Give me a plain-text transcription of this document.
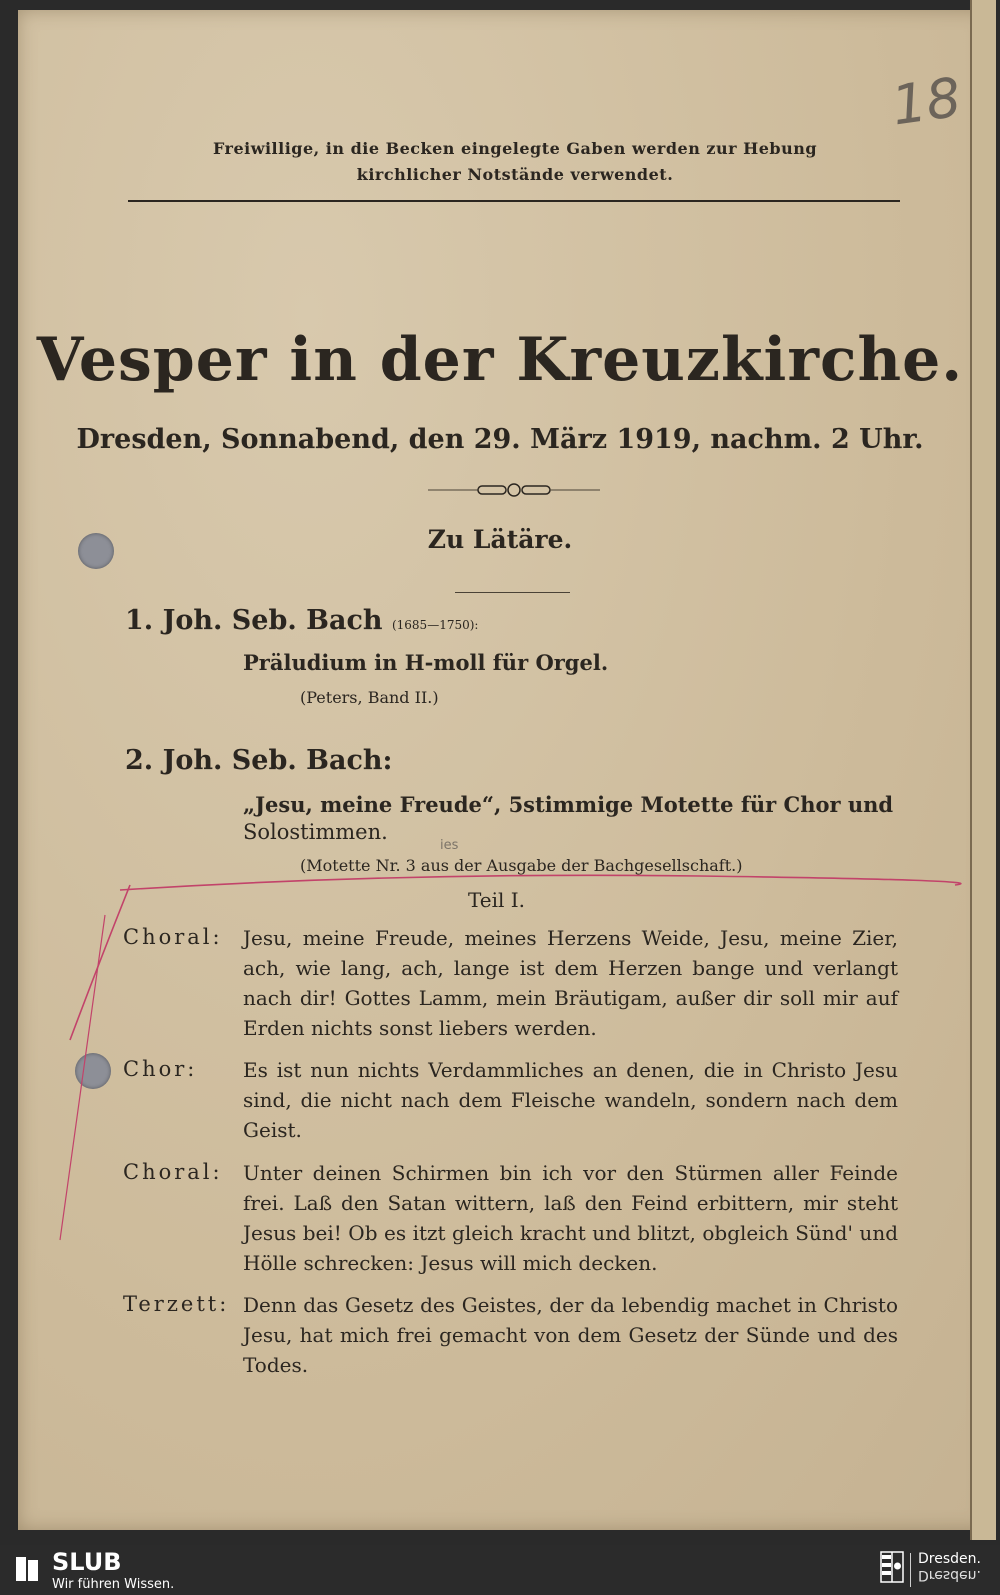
Freiwillige, in die Becken eingelegte Gaben werden zur Hebung
kirchlicher Notstände verwendet.
18
Vesper in der Kreuzkirche.
Dresden, Sonnabend, den 29. März 1919, nachm. 2 Uhr.
Zu Lätäre.
1. Joh. Seb. Bach (1685—1750):
Präludium in H-moll für Orgel.
(Peters, Band II.)
2. Joh. Seb. Bach:
„Jesu, meine Freude“, 5stimmige Motette für Chor und
Solostimmen.
ies
(Motette Nr. 3 aus der Ausgabe der Bachgesellschaft.)
Teil I.
Choral: Jesu, meine Freude, meines Herzens Weide, Jesu, meine Zier, ach, wie lang, ach, lange ist dem Herzen bange und verlangt nach dir! Gottes Lamm, mein Bräutigam, außer dir soll mir auf Erden nichts sonst liebers werden.
Chor: Es ist nun nichts Verdammliches an denen, die in Christo Jesu sind, die nicht nach dem Fleische wandeln, sondern nach dem Geist.
Choral: Unter deinen Schirmen bin ich vor den Stürmen aller Feinde frei. Laß den Satan wittern, laß den Feind erbittern, mir steht Jesus bei! Ob es itzt gleich kracht und blitzt, obgleich Sünd' und Hölle schrecken: Jesus will mich decken.
Terzett: Denn das Gesetz des Geistes, der da lebendig machet in Christo Jesu, hat mich frei gemacht von dem Gesetz der Sünde und des Todes.
SLUB
Wir führen Wissen.
Dresden.
Dresden.
